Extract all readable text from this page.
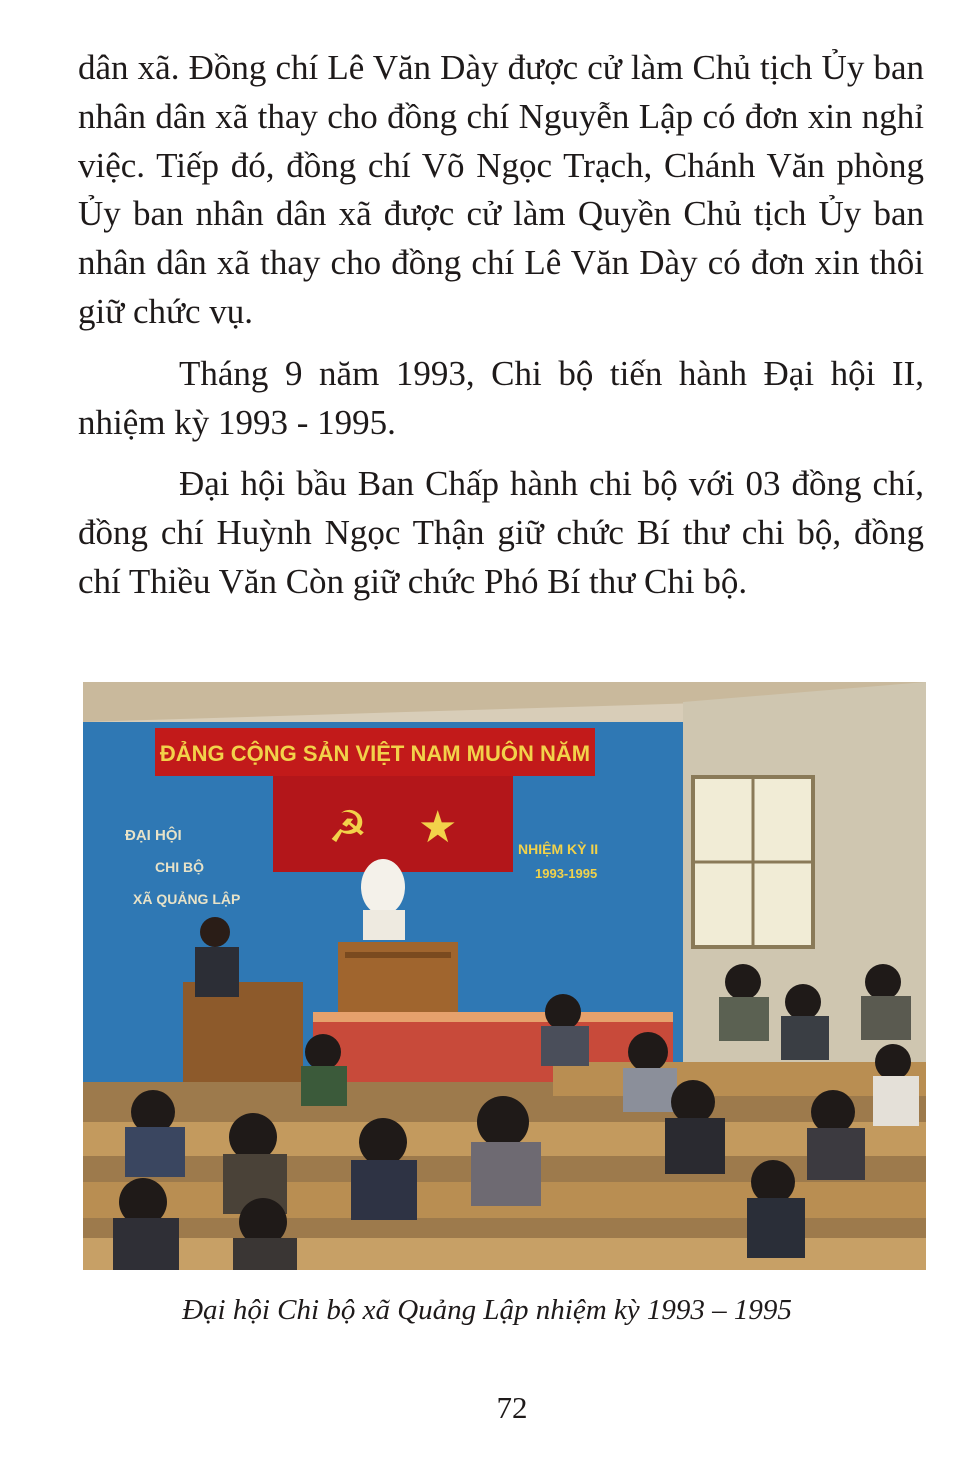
dân xã. Đồng chí Lê Văn Dày được cử làm Chủ tịch Ủy ban nhân dân xã thay cho đồng chí Nguyễn Lập có đơn xin nghỉ việc. Tiếp đó, đồng chí Võ Ngọc Trạch, Chánh Văn phòng Ủy ban nhân dân xã được cử làm Quyền Chủ tịch Ủy ban nhân dân xã thay cho đồng chí Lê Văn Dày có đơn xin thôi giữ chức vụ.

Tháng 9 năm 1993, Chi bộ tiến hành Đại hội II, nhiệm kỳ 1993 - 1995.

Đại hội bầu Ban Chấp hành chi bộ với 03 đồng chí, đồng chí Huỳnh Ngọc Thận giữ chức Bí thư chi bộ, đồng chí Thiều Văn Còn giữ chức Phó Bí thư Chi bộ.

ĐẢNG CỘNG SẢN VIỆT NAM MUÔN NĂM
☭ ★
ĐẠI HỘI
CHI BỘ
XÃ QUẢNG LẬP
NHIỆM KỲ II
1993-1995

Đại hội Chi bộ xã Quảng Lập nhiệm kỳ 1993 – 1995

72
